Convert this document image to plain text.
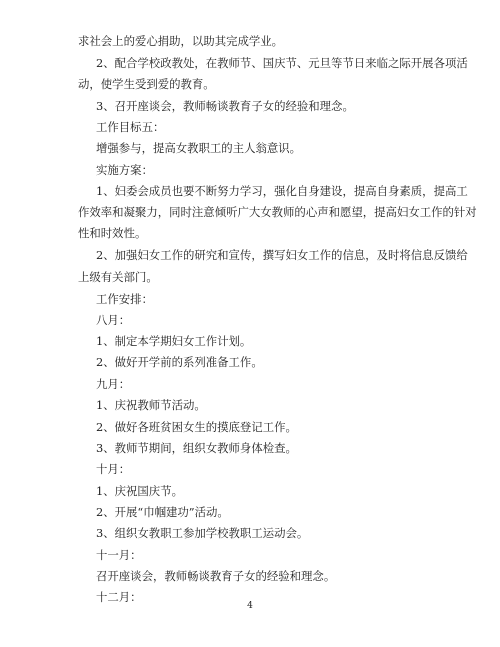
求社会上的爱心捐助，以助其完成学业。
2、配合学校政教处，在教师节、国庆节、元旦等节日来临之际开展各项活
动，使学生受到爱的教育。
3、召开座谈会，教师畅谈教育子女的经验和理念。
工作目标五：
增强参与，提高女教职工的主人翁意识。
实施方案：
1、妇委会成员也要不断努力学习，强化自身建设，提高自身素质，提高工
作效率和凝聚力，同时注意倾听广大女教师的心声和愿望，提高妇女工作的针对
性和时效性。
2、加强妇女工作的研究和宣传，撰写妇女工作的信息，及时将信息反馈给
上级有关部门。
工作安排：
八月：
1、制定本学期妇女工作计划。
2、做好开学前的系列准备工作。
九月：
1、庆祝教师节活动。
2、做好各班贫困女生的摸底登记工作。
3、教师节期间，组织女教师身体检查。
十月：
1、庆祝国庆节。
2、开展“巾帼建功”活动。
3、组织女教职工参加学校教职工运动会。
十一月：
召开座谈会，教师畅谈教育子女的经验和理念。
十二月：
4
